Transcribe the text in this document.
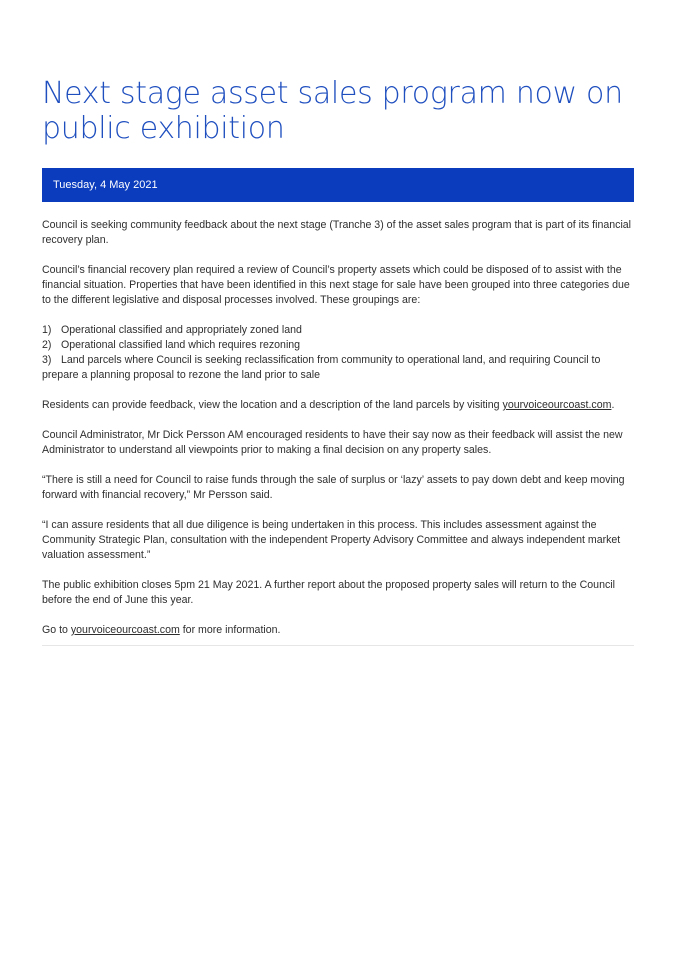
Next stage asset sales program now on public exhibition
Tuesday, 4 May 2021

Council is seeking community feedback about the next stage (Tranche 3) of the asset sales program that is part of its financial recovery plan.

Council’s financial recovery plan required a review of Council’s property assets which could be disposed of to assist with the financial situation. Properties that have been identified in this next stage for sale have been grouped into three categories due to the different legislative and disposal processes involved. These groupings are:

1) Operational classified and appropriately zoned land
2) Operational classified land which requires rezoning
3) Land parcels where Council is seeking reclassification from community to operational land, and requiring Council to prepare a planning proposal to rezone the land prior to sale

Residents can provide feedback, view the location and a description of the land parcels by visiting yourvoiceourcoast.com.

Council Administrator, Mr Dick Persson AM encouraged residents to have their say now as their feedback will assist the new Administrator to understand all viewpoints prior to making a final decision on any property sales.

“There is still a need for Council to raise funds through the sale of surplus or ‘lazy’ assets to pay down debt and keep moving forward with financial recovery,” Mr Persson said.

“I can assure residents that all due diligence is being undertaken in this process. This includes assessment against the Community Strategic Plan, consultation with the independent Property Advisory Committee and always independent market valuation assessment.”

The public exhibition closes 5pm 21 May 2021. A further report about the proposed property sales will return to the Council before the end of June this year.

Go to yourvoiceourcoast.com for more information.
